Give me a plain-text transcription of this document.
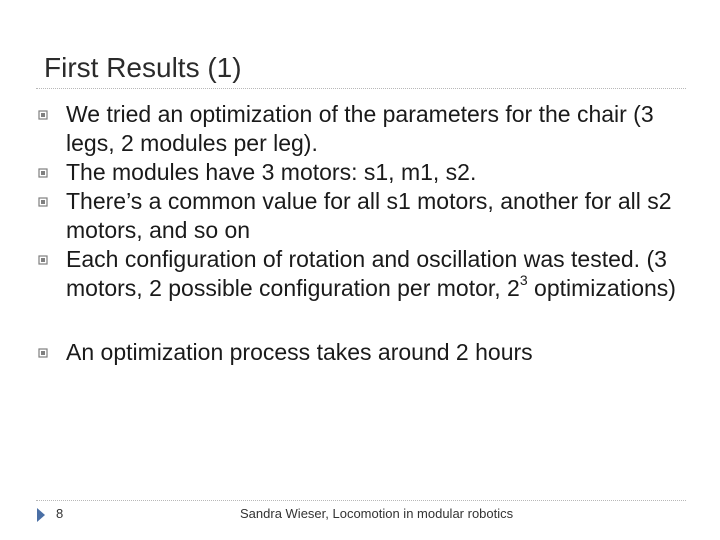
First Results (1)
We tried an optimization of the parameters for the chair (3 legs, 2 modules per leg).
The modules have 3 motors: s1, m1, s2.
There’s a common value for all s1 motors, another for all s2 motors, and so on
Each configuration of rotation and oscillation was tested. (3 motors, 2 possible configuration per motor, $2^3$ optimizations)
An optimization process takes around 2 hours
8	Sandra Wieser, Locomotion in modular robotics
